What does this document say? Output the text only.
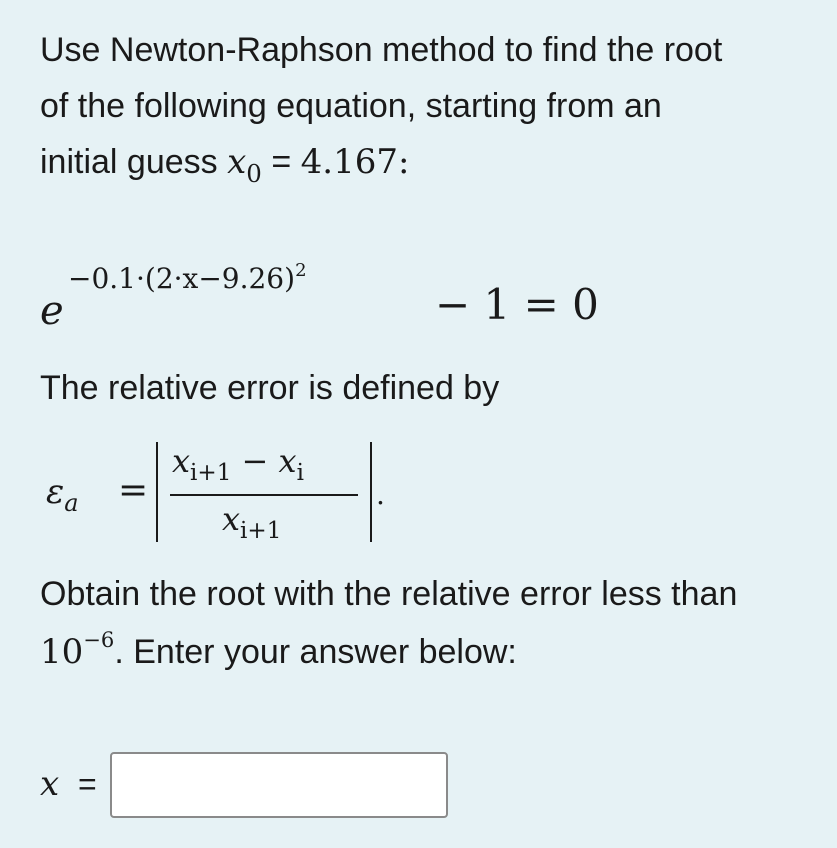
Use Newton-Raphson method to find the root
of the following equation, starting from an
initial guess $x_0 = 4.167$:
e
$-0.1\cdot(2\cdot x-9.26)^2$
− 1 = 0
The relative error is defined by
$\varepsilon_a$ =
$x_{i+1} - x_i$
$x_{i+1}$
.
Obtain the root with the relative error less than
$10^{-6}$. Enter your answer below:
x =
